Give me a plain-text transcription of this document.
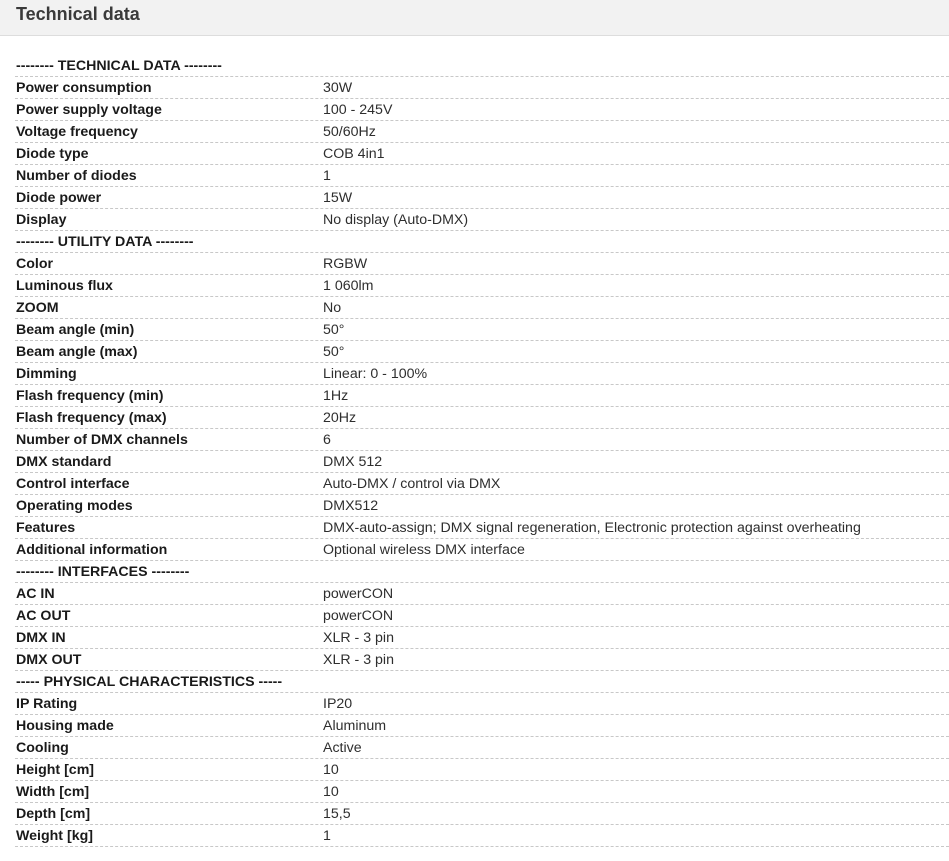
Technical data
-------- TECHNICAL DATA --------
Power consumption	30W
Power supply voltage	100 - 245V
Voltage frequency	50/60Hz
Diode type	COB 4in1
Number of diodes	1
Diode power	15W
Display	No display (Auto-DMX)
-------- UTILITY DATA --------
Color	RGBW
Luminous flux	1 060lm
ZOOM	No
Beam angle (min)	50°
Beam angle (max)	50°
Dimming	Linear: 0 - 100%
Flash frequency (min)	1Hz
Flash frequency (max)	20Hz
Number of DMX channels	6
DMX standard	DMX 512
Control interface	Auto-DMX / control via DMX
Operating modes	DMX512
Features	DMX-auto-assign; DMX signal regeneration, Electronic protection against overheating
Additional information	Optional wireless DMX interface
-------- INTERFACES --------
AC IN	powerCON
AC OUT	powerCON
DMX IN	XLR - 3 pin
DMX OUT	XLR - 3 pin
----- PHYSICAL CHARACTERISTICS -----
IP Rating	IP20
Housing made	Aluminum
Cooling	Active
Height [cm]	10
Width [cm]	10
Depth [cm]	15,5
Weight [kg]	1
